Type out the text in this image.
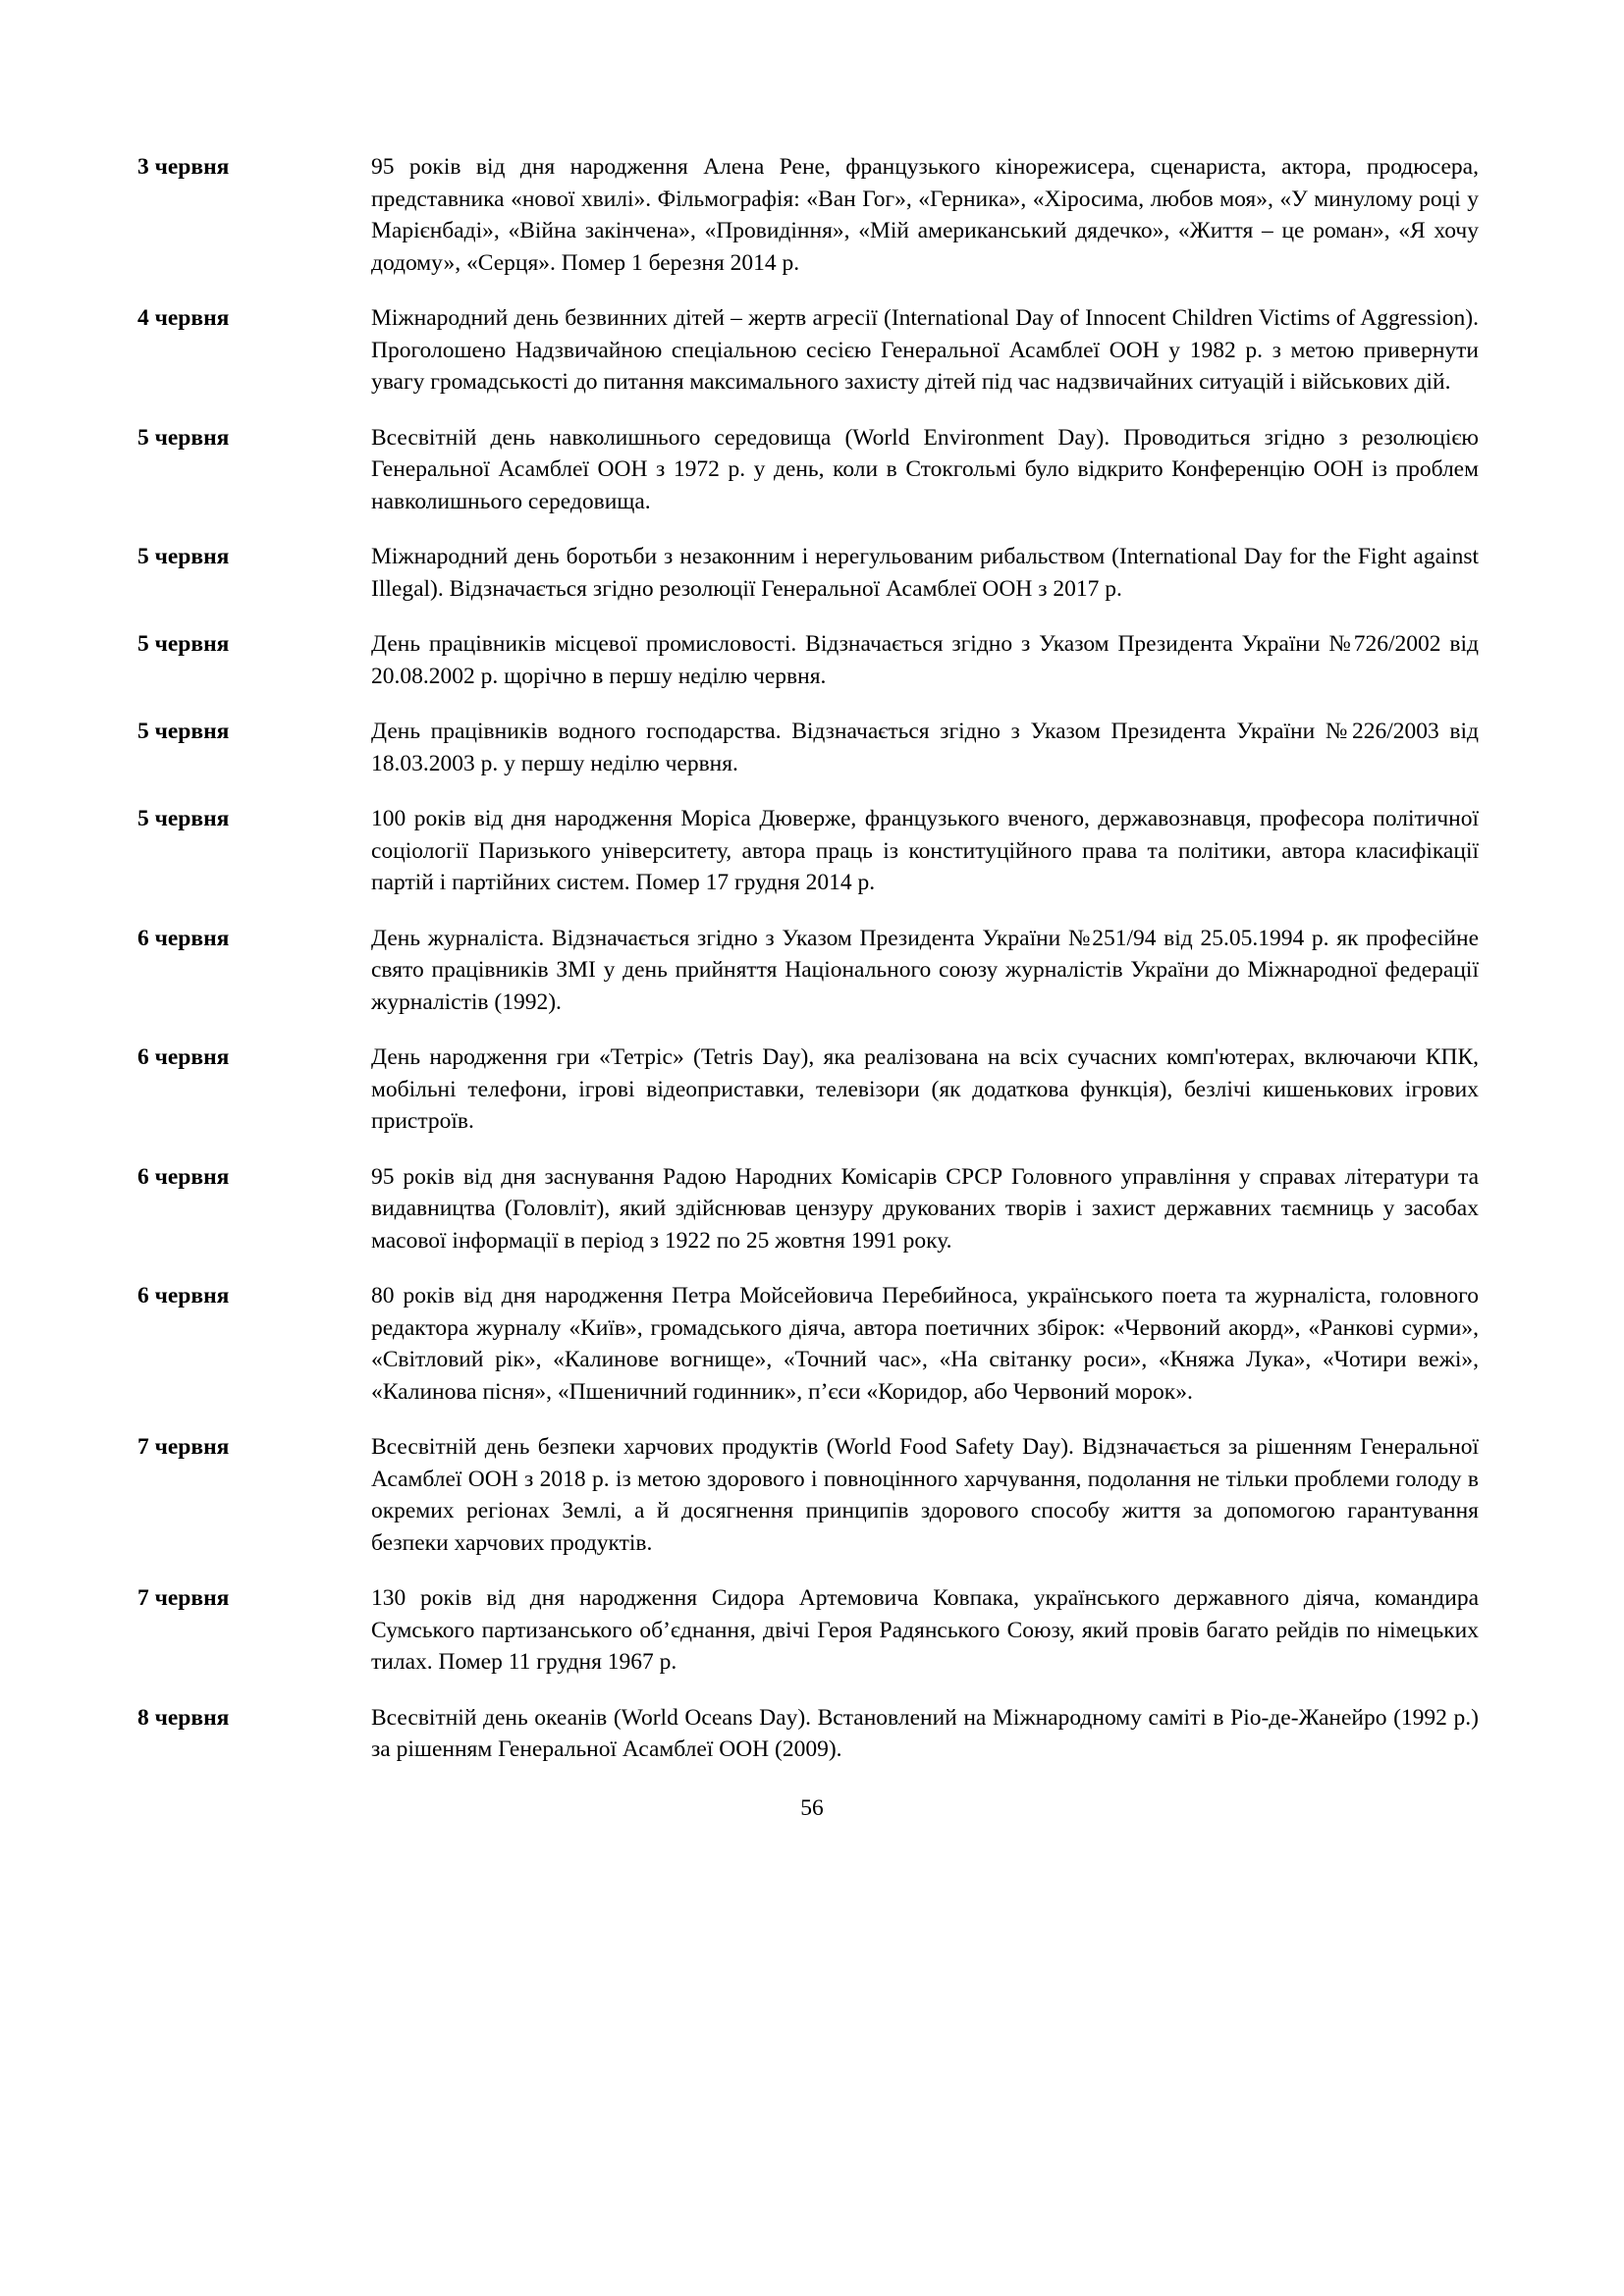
3 червня	95 років від дня народження Алена Рене, французького кінорежисера, сценариста, актора, продюсера, представника «нової хвилі». Фільмографія: «Ван Гог», «Герника», «Хіросима, любов моя», «У минулому році у Марієнбаді», «Війна закінчена», «Провидіння», «Мій американський дядечко», «Життя – це роман», «Я хочу додому», «Серця». Помер 1 березня 2014 р.
4 червня	Міжнародний день безвинних дітей – жертв агресії (International Day of Innocent Children Victims of Aggression). Проголошено Надзвичайною спеціальною сесією Генеральної Асамблеї ООН у 1982 р. з метою привернути увагу громадськості до питання максимального захисту дітей під час надзвичайних ситуацій і військових дій.
5 червня	Всесвітній день навколишнього середовища (World Environment Day). Проводиться згідно з резолюцією Генеральної Асамблеї ООН з 1972 р. у день, коли в Стокгольмі було відкрито Конференцію ООН із проблем навколишнього середовища.
5 червня	Міжнародний день боротьби з незаконним і нерегульованим рибальством (International Day for the Fight against Illegal). Відзначається згідно резолюції Генеральної Асамблеї ООН з 2017 р.
5 червня	День працівників місцевої промисловості. Відзначається згідно з Указом Президента України №726/2002 від 20.08.2002 р. щорічно в першу неділю червня.
5 червня	День працівників водного господарства. Відзначається згідно з Указом Президента України №226/2003 від 18.03.2003 р. у першу неділю червня.
5 червня	100 років від дня народження Моріса Дюверже, французького вченого, державознавця, професора політичної соціології Паризького університету, автора праць із конституційного права та політики, автора класифікації партій і партійних систем. Помер 17 грудня 2014 р.
6 червня	День журналіста. Відзначається згідно з Указом Президента України №251/94 від 25.05.1994 р. як професійне свято працівників ЗМІ у день прийняття Національного союзу журналістів України до Міжнародної федерації журналістів (1992).
6 червня	День народження гри «Тетріс» (Tetris Day), яка реалізована на всіх сучасних комп'ютерах, включаючи КПК, мобільні телефони, ігрові відеоприставки, телевізори (як додаткова функція), безлічі кишенькових ігрових пристроїв.
6 червня	95 років від дня заснування Радою Народних Комісарів СРСР Головного управління у справах літератури та видавництва (Головліт), який здійснював цензуру друкованих творів і захист державних таємниць у засобах масової інформації в період з 1922 по 25 жовтня 1991 року.
6 червня	80 років від дня народження Петра Мойсейовича Перебийноса, українського поета та журналіста, головного редактора журналу «Київ», громадського діяча, автора поетичних збірок: «Червоний акорд», «Ранкові сурми», «Світловий рік», «Калинове вогнище», «Точний час», «На світанку роси», «Княжа Лука», «Чотири вежі», «Калинова пісня», «Пшеничний годинник», п’єси «Коридор, або Червоний морок».
7 червня	Всесвітній день безпеки харчових продуктів (World Food Safety Day). Відзначається за рішенням Генеральної Асамблеї ООН з 2018 р. із метою здорового і повноцінного харчування, подолання не тільки проблеми голоду в окремих регіонах Землі, а й досягнення принципів здорового способу життя за допомогою гарантування безпеки харчових продуктів.
7 червня	130 років від дня народження Сидора Артемовича Ковпака, українського державного діяча, командира Сумського партизанського об’єднання, двічі Героя Радянського Союзу, який провів багато рейдів по німецьких тилах. Помер 11 грудня 1967 р.
8 червня	Всесвітній день океанів (World Oceans Day). Встановлений на Міжнародному саміті в Ріо-де-Жанейро (1992 р.) за рішенням Генеральної Асамблеї ООН (2009).
56
